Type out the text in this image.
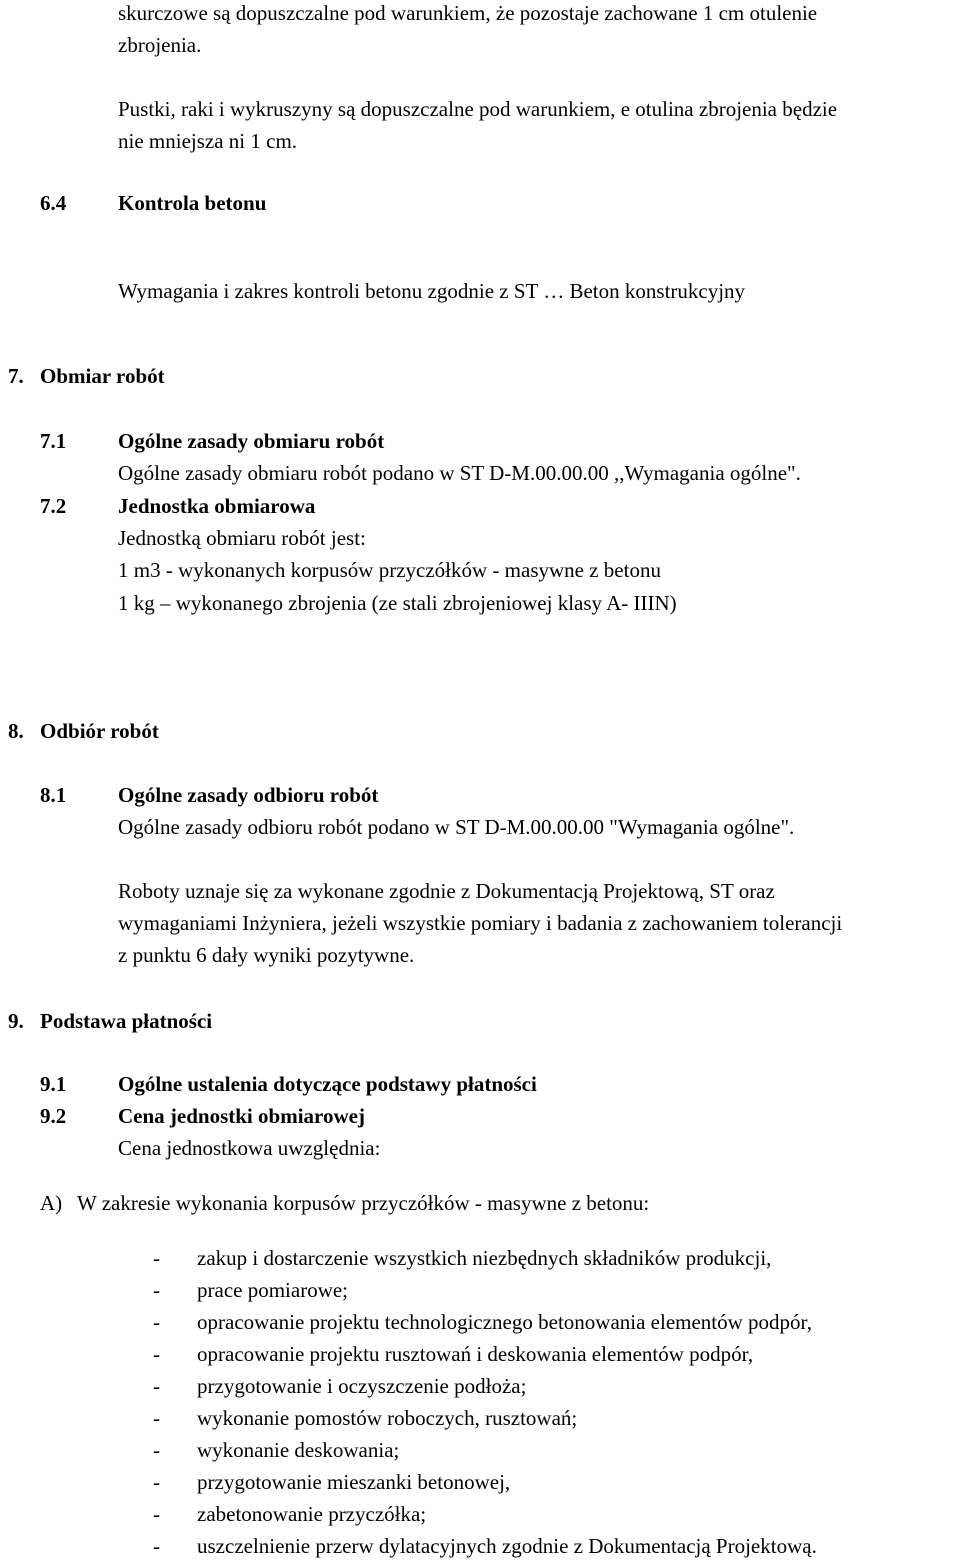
skurczowe są dopuszczalne pod warunkiem, że pozostaje zachowane 1 cm otulenie
zbrojenia.
Pustki, raki i wykruszyny są dopuszczalne pod warunkiem, e otulina zbrojenia będzie
nie mniejsza ni 1 cm.
6.4 Kontrola betonu
Wymagania i zakres kontroli betonu zgodnie z ST … Beton konstrukcyjny
7. Obmiar robót
7.1 Ogólne zasady obmiaru robót
Ogólne zasady obmiaru robót podano w ST D-M.00.00.00 ,,Wymagania ogólne".
7.2 Jednostka obmiarowa
Jednostką obmiaru robót jest:
1 m3 - wykonanych korpusów przyczółków - masywne z betonu
1 kg – wykonanego zbrojenia (ze stali zbrojeniowej klasy A- IIIN)
8. Odbiór robót
8.1 Ogólne zasady odbioru robót
Ogólne zasady odbioru robót podano w ST D-M.00.00.00 "Wymagania ogólne".
Roboty uznaje się za wykonane zgodnie z Dokumentacją Projektową, ST oraz
wymaganiami Inżyniera, jeżeli wszystkie pomiary i badania z zachowaniem tolerancji
z punktu 6 dały wyniki pozytywne.
9. Podstawa płatności
9.1 Ogólne ustalenia dotyczące podstawy płatności
9.2 Cena jednostki obmiarowej
Cena jednostkowa uwzględnia:
A) W zakresie wykonania korpusów przyczółków - masywne z betonu:
- zakup i dostarczenie wszystkich niezbędnych składników produkcji,
- prace pomiarowe;
- opracowanie projektu technologicznego betonowania elementów podpór,
- opracowanie projektu rusztowań i deskowania elementów podpór,
- przygotowanie i oczyszczenie podłoża;
- wykonanie pomostów roboczych, rusztowań;
- wykonanie deskowania;
- przygotowanie mieszanki betonowej,
- zabetonowanie przyczółka;
- uszczelnienie przerw dylatacyjnych zgodnie z Dokumentacją Projektową.
